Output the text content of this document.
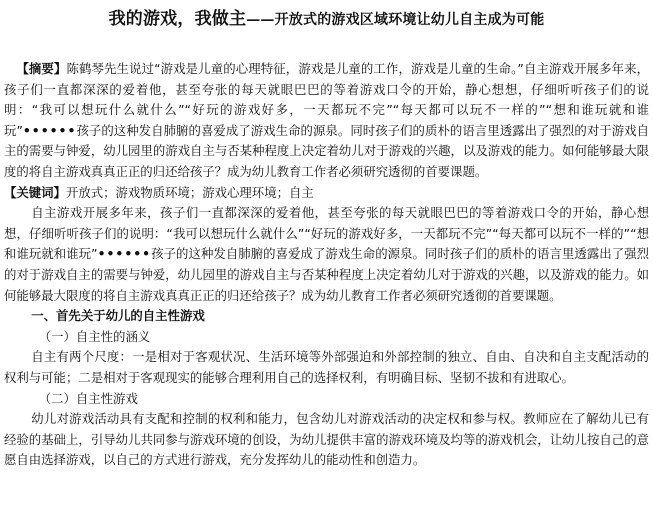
我的游戏，我做主——开放式的游戏区域环境让幼儿自主成为可能

【摘要】陈鹤琴先生说过“游戏是儿童的心理特征，游戏是儿童的工作，游戏是儿童的生命。”自主游戏开展多年来，孩子们一直都深深的爱着他，甚至夸张的每天就眼巴巴的等着游戏口令的开始，静心想想，仔细听听孩子们的说明：“我可以想玩什么就什么”“好玩的游戏好多，一天都玩不完”“每天都可以玩不一样的”“想和谁玩就和谁玩”••••••孩子的这种发自肺腑的喜爱成了游戏生命的源泉。同时孩子们的质朴的语言里透露出了强烈的对于游戏自主的需要与钟爱，幼儿园里的游戏自主与否某种程度上决定着幼儿对于游戏的兴趣，以及游戏的能力。如何能够最大限度的将自主游戏真真正正的归还给孩子？成为幼儿教育工作者必须研究透彻的首要课题。

【关键词】开放式；游戏物质环境；游戏心理环境；自主

自主游戏开展多年来，孩子们一直都深深的爱着他，甚至夸张的每天就眼巴巴的等着游戏口令的开始，静心想想，仔细听听孩子们的说明：“我可以想玩什么就什么”“好玩的游戏好多，一天都玩不完”“每天都可以玩不一样的”“想和谁玩就和谁玩”••••••孩子的这种发自肺腑的喜爱成了游戏生命的源泉。同时孩子们的质朴的语言里透露出了强烈的对于游戏自主的需要与钟爱，幼儿园里的游戏自主与否某种程度上决定着幼儿对于游戏的兴趣，以及游戏的能力。如何能够最大限度的将自主游戏真真正正的归还给孩子？成为幼儿教育工作者必须研究透彻的首要课题。

一、首先关于幼儿的自主性游戏

（一）自主性的涵义

自主有两个尺度：一是相对于客观状况、生活环境等外部强迫和外部控制的独立、自由、自决和自主支配活动的权利与可能；二是相对于客观现实的能够合理利用自己的选择权利，有明确目标、坚韧不拔和有进取心。

（二）自主性游戏

幼儿对游戏活动具有支配和控制的权利和能力，包含幼儿对游戏活动的决定权和参与权。教师应在了解幼儿已有经验的基础上，引导幼儿共同参与游戏环境的创设，为幼儿提供丰富的游戏环境及均等的游戏机会，让幼儿按自己的意愿自由选择游戏，以自己的方式进行游戏，充分发挥幼儿的能动性和创造力。
